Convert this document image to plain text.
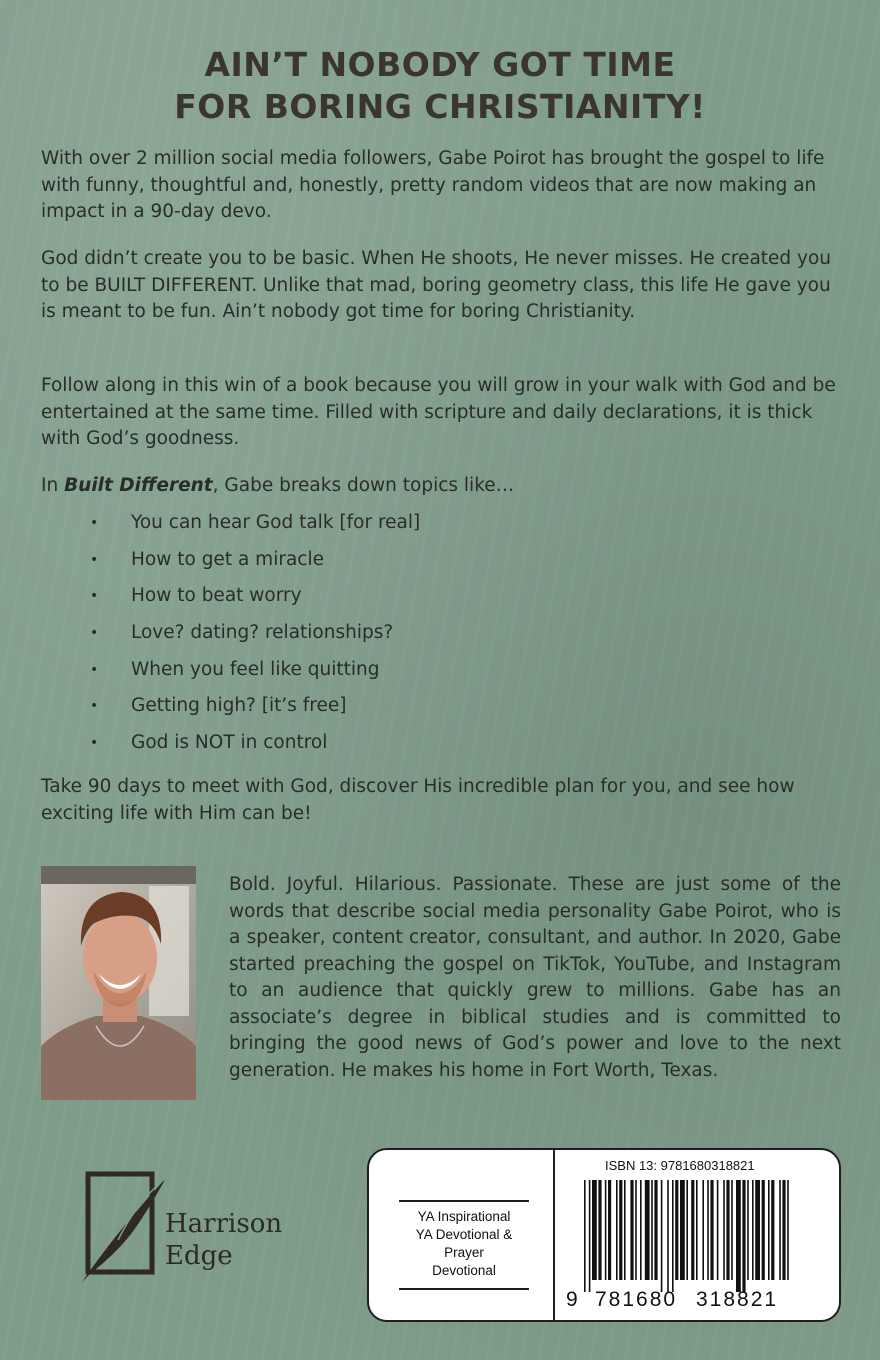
AIN’T NOBODY GOT TIME
FOR BORING CHRISTIANITY!
With over 2 million social media followers, Gabe Poirot has brought the gospel to life with funny, thoughtful and, honestly, pretty random videos that are now making an impact in a 90-day devo.
God didn’t create you to be basic. When He shoots, He never misses. He created you to be BUILT DIFFERENT. Unlike that mad, boring geometry class, this life He gave you is meant to be fun. Ain’t nobody got time for boring Christianity.
Follow along in this win of a book because you will grow in your walk with God and be entertained at the same time. Filled with scripture and daily declarations, it is thick with God’s goodness.
In Built Different, Gabe breaks down topics like…
• You can hear God talk [for real]
• How to get a miracle
• How to beat worry
• Love? dating? relationships?
• When you feel like quitting
• Getting high? [it’s free]
• God is NOT in control
Take 90 days to meet with God, discover His incredible plan for you, and see how exciting life with Him can be!
Bold. Joyful. Hilarious. Passionate. These are just some of the words that describe social media personality Gabe Poirot, who is a speaker, content creator, consultant, and author. In 2020, Gabe started preaching the gospel on TikTok, YouTube, and Instagram to an audience that quickly grew to millions. Gabe has an associate’s degree in biblical studies and is committed to bringing the good news of God’s power and love to the next generation. He makes his home in Fort Worth, Texas.
Harrison
Edge
YA Inspirational
YA Devotional & Prayer
Devotional
ISBN 13: 9781680318821
9 781680 318821
